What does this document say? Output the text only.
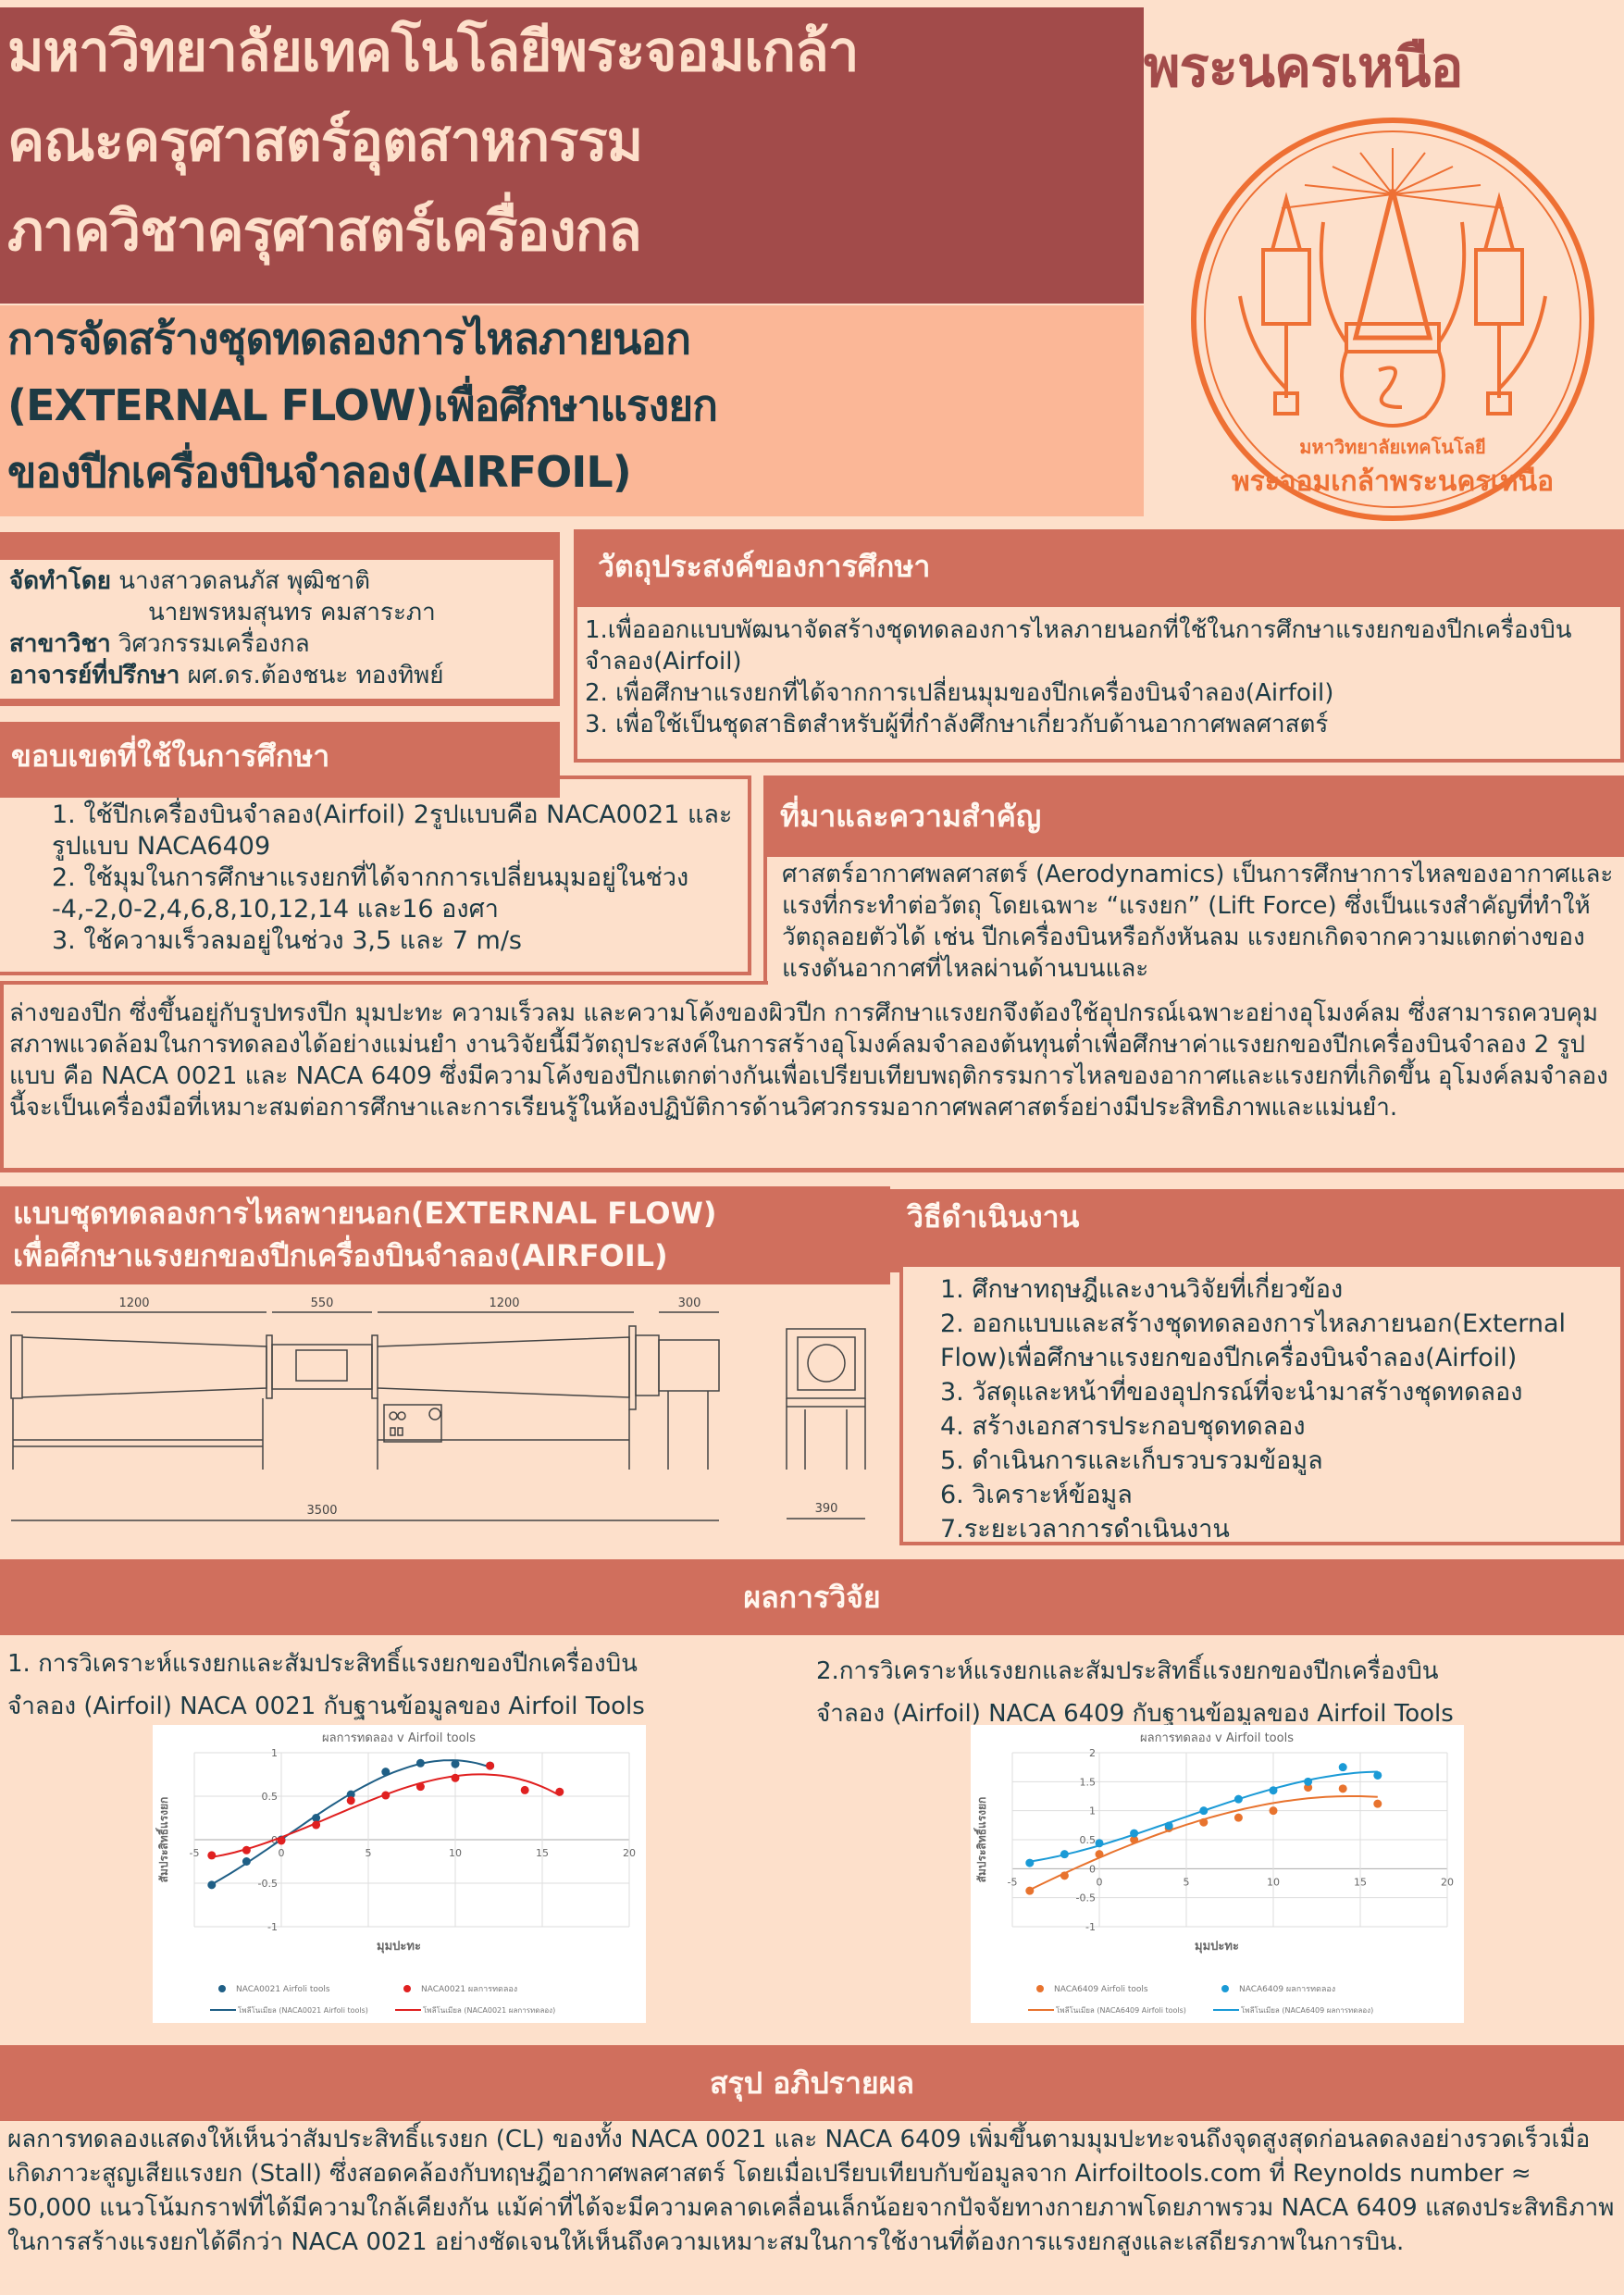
มหาวิทยาลัยเทคโนโลยีพระจอมเกล้า
คณะครุศาสตร์อุตสาหกรรม
ภาควิชาครุศาสตร์เครื่องกล
พระนครเหนือ
การจัดสร้างชุดทดลองการไหลภายนอก
(EXTERNAL FLOW)เพื่อศึกษาแรงยก
ของปีกเครื่องบินจำลอง(AIRFOIL)	มหาวิทยาลัยเทคโนโลยี
พระจอมเกล้าพระนครเหนือ
จัดทำโดย นางสาวดลนภัส พุฒิชาติ
นายพรหมสุนทร คมสาระภา
สาขาวิชา วิศวกรรมเครื่องกล
อาจารย์ที่ปรึกษา ผศ.ดร.ต้องชนะ ทองทิพย์
วัตถุประสงค์ของการศึกษา
1.เพื่อออกแบบพัฒนาจัดสร้างชุดทดลองการไหลภายนอกที่ใช้ในการศึกษาแรงยกของปีกเครื่องบินจำลอง(Airfoil)
2. เพื่อศึกษาแรงยกที่ได้จากการเปลี่ยนมุมของปีกเครื่องบินจำลอง(Airfoil)
3. เพื่อใช้เป็นชุดสาธิตสำหรับผู้ที่กำลังศึกษาเกี่ยวกับด้านอากาศพลศาสตร์
1. ใช้ปีกเครื่องบินจำลอง(Airfoil) 2รูปแบบคือ NACA0021 และรูปแบบ NACA6409
2. ใช้มุมในการศึกษาแรงยกที่ได้จากการเปลี่ยนมุมอยู่ในช่วง -4,-2,0-2,4,6,8,10,12,14 และ16 องศา
3. ใช้ความเร็วลมอยู่ในช่วง 3,5 และ 7 m/s
ขอบเขตที่ใช้ในการศึกษา
ที่มาและความสำคัญ
ศาสตร์อากาศพลศาสตร์ (Aerodynamics) เป็นการศึกษาการไหลของอากาศและแรงที่กระทำต่อวัตถุ โดยเฉพาะ “แรงยก” (Lift Force) ซึ่งเป็นแรงสำคัญที่ทำให้วัตถุลอยตัวได้ เช่น ปีกเครื่องบินหรือกังหันลม แรงยกเกิดจากความแตกต่างของแรงดันอากาศที่ไหลผ่านด้านบนและ
ล่างของปีก ซึ่งขึ้นอยู่กับรูปทรงปีก มุมปะทะ ความเร็วลม และความโค้งของผิวปีก การศึกษาแรงยกจึงต้องใช้อุปกรณ์เฉพาะอย่างอุโมงค์ลม ซึ่งสามารถควบคุมสภาพแวดล้อมในการทดลองได้อย่างแม่นยำ งานวิจัยนี้มีวัตถุประสงค์ในการสร้างอุโมงค์ลมจำลองต้นทุนต่ำเพื่อศึกษาค่าแรงยกของปีกเครื่องบินจำลอง 2 รูปแบบ คือ NACA 0021 และ NACA 6409 ซึ่งมีความโค้งของปีกแตกต่างกันเพื่อเปรียบเทียบพฤติกรรมการไหลของอากาศและแรงยกที่เกิดขึ้น อุโมงค์ลมจำลองนี้จะเป็นเครื่องมือที่เหมาะสมต่อการศึกษาและการเรียนรู้ในห้องปฏิบัติการด้านวิศวกรรมอากาศพลศาสตร์อย่างมีประสิทธิภาพและแม่นยำ.
แบบชุดทดลองการไหลพายนอก(EXTERNAL FLOW)
เพื่อศึกษาแรงยกของปีกเครื่องบินจำลอง(AIRFOIL)
1200	550	1200	300
3500	390
วิธีดำเนินงาน
1. ศึกษาทฤษฎีและงานวิจัยที่เกี่ยวข้อง
2. ออกแบบและสร้างชุดทดลองการไหลภายนอก(External Flow)เพื่อศึกษาแรงยกของปีกเครื่องบินจำลอง(Airfoil)
3. วัสดุและหน้าที่ของอุปกรณ์ที่จะนำมาสร้างชุดทดลอง
4. สร้างเอกสารประกอบชุดทดลอง
5. ดำเนินการและเก็บรวบรวมข้อมูล
6. วิเคราะห์ข้อมูล
7.ระยะเวลาการดำเนินงาน
ผลการวิจัย
1. การวิเคราะห์แรงยกและสัมประสิทธิ์แรงยกของปีกเครื่องบิน
จำลอง (Airfoil) NACA 0021 กับฐานข้อมูลของ Airfoil Tools
2.การวิเคราะห์แรงยกและสัมประสิทธิ์แรงยกของปีกเครื่องบิน
จำลอง (Airfoil) NACA 6409 กับฐานข้อมูลของ Airfoil Tools
ผลการทดลอง v Airfoil tools
-1
-0.5
0
0.5
1
-5	0	5	10	15	20
มุมปะทะ
สัมประสิทธิ์แรงยก
NACA0021 Airfoli tools
โพลีโนเมียล (NACA0021 Airfoli tools)
NACA0021 ผลการทดลอง
โพลีโนเมียล (NACA0021 ผลการทดลอง)
ผลการทดลอง v Airfoil tools
-1
-0.5
0
0.5
1
1.5
2
-5	0	5	10	15	20
มุมปะทะ
สัมประสิทธิ์แรงยก
NACA6409 Airfoli tools
โพลีโนเมียล (NACA6409 Airfoli tools)
NACA6409 ผลการทดลอง
โพลีโนเมียล (NACA6409 ผลการทดลอง)
สรุป อภิปรายผล
ผลการทดลองแสดงให้เห็นว่าสัมประสิทธิ์แรงยก (CL) ของทั้ง NACA 0021 และ NACA 6409 เพิ่มขึ้นตามมุมปะทะจนถึงจุดสูงสุดก่อนลดลงอย่างรวดเร็วเมื่อเกิดภาวะสูญเสียแรงยก (Stall) ซึ่งสอดคล้องกับทฤษฎีอากาศพลศาสตร์ โดยเมื่อเปรียบเทียบกับข้อมูลจาก Airfoiltools.com ที่ Reynolds number ≈ 50,000 แนวโน้มกราฟที่ได้มีความใกล้เคียงกัน แม้ค่าที่ได้จะมีความคลาดเคลื่อนเล็กน้อยจากปัจจัยทางกายภาพโดยภาพรวม NACA 6409 แสดงประสิทธิภาพในการสร้างแรงยกได้ดีกว่า NACA 0021 อย่างชัดเจนให้เห็นถึงความเหมาะสมในการใช้งานที่ต้องการแรงยกสูงและเสถียรภาพในการบิน.
